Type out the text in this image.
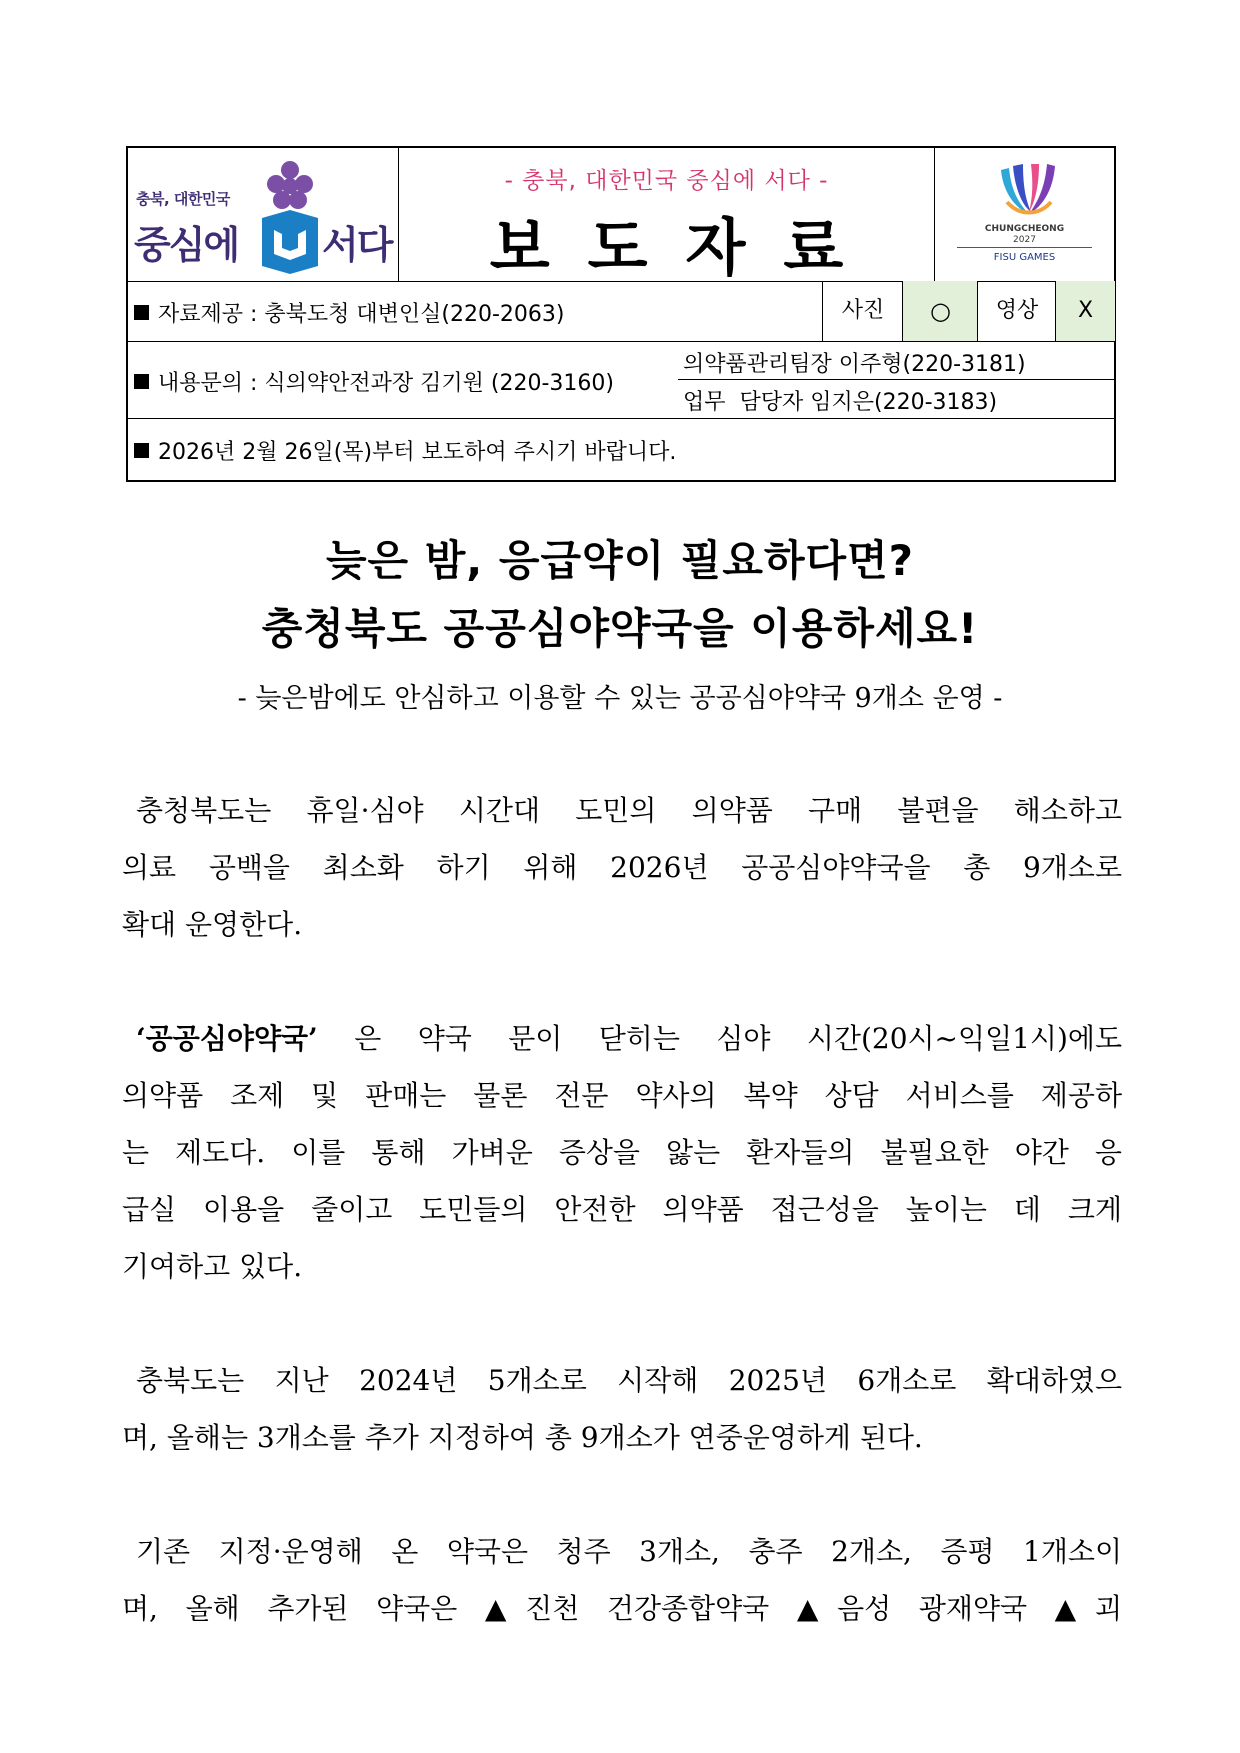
충북, 대한민국
중심에 서다
- 충북, 대한민국 중심에 서다 -
보도자료	CHUNGCHEONG
2027
FISU GAMES
자료제공 : 충북도청 대변인실(220-2063)	사진	○	영상	X
내용문의 : 식의약안전과장 김기원 (220-3160)
의약품관리팀장 이주형(220-3181)
업무  담당자 임지은(220-3183)
2026년 2월 26일(목)부터 보도하여 주시기 바랍니다.
늦은 밤, 응급약이 필요하다면?
충청북도 공공심야약국을 이용하세요!
- 늦은밤에도 안심하고 이용할 수 있는 공공심야약국 9개소 운영 -
충청북도는 휴일·심야 시간대 도민의 의약품 구매 불편을 해소하고
의료 공백을 최소화 하기 위해 2026년 공공심야약국을 총 9개소로
확대 운영한다.
‘공공심야약국’ 은 약국 문이 닫히는 심야 시간(20시~익일1시)에도
의약품 조제 및 판매는 물론 전문 약사의 복약 상담 서비스를 제공하
는 제도다. 이를 통해 가벼운 증상을 앓는 환자들의 불필요한 야간 응
급실 이용을 줄이고 도민들의 안전한 의약품 접근성을 높이는 데 크게
기여하고 있다.
충북도는 지난 2024년 5개소로 시작해 2025년 6개소로 확대하였으
며, 올해는 3개소를 추가 지정하여 총 9개소가 연중운영하게 된다.
기존 지정·운영해 온 약국은 청주 3개소, 충주 2개소, 증평 1개소이
며, 올해 추가된 약국은 ▲진천 건강종합약국 ▲음성 광재약국 ▲괴
